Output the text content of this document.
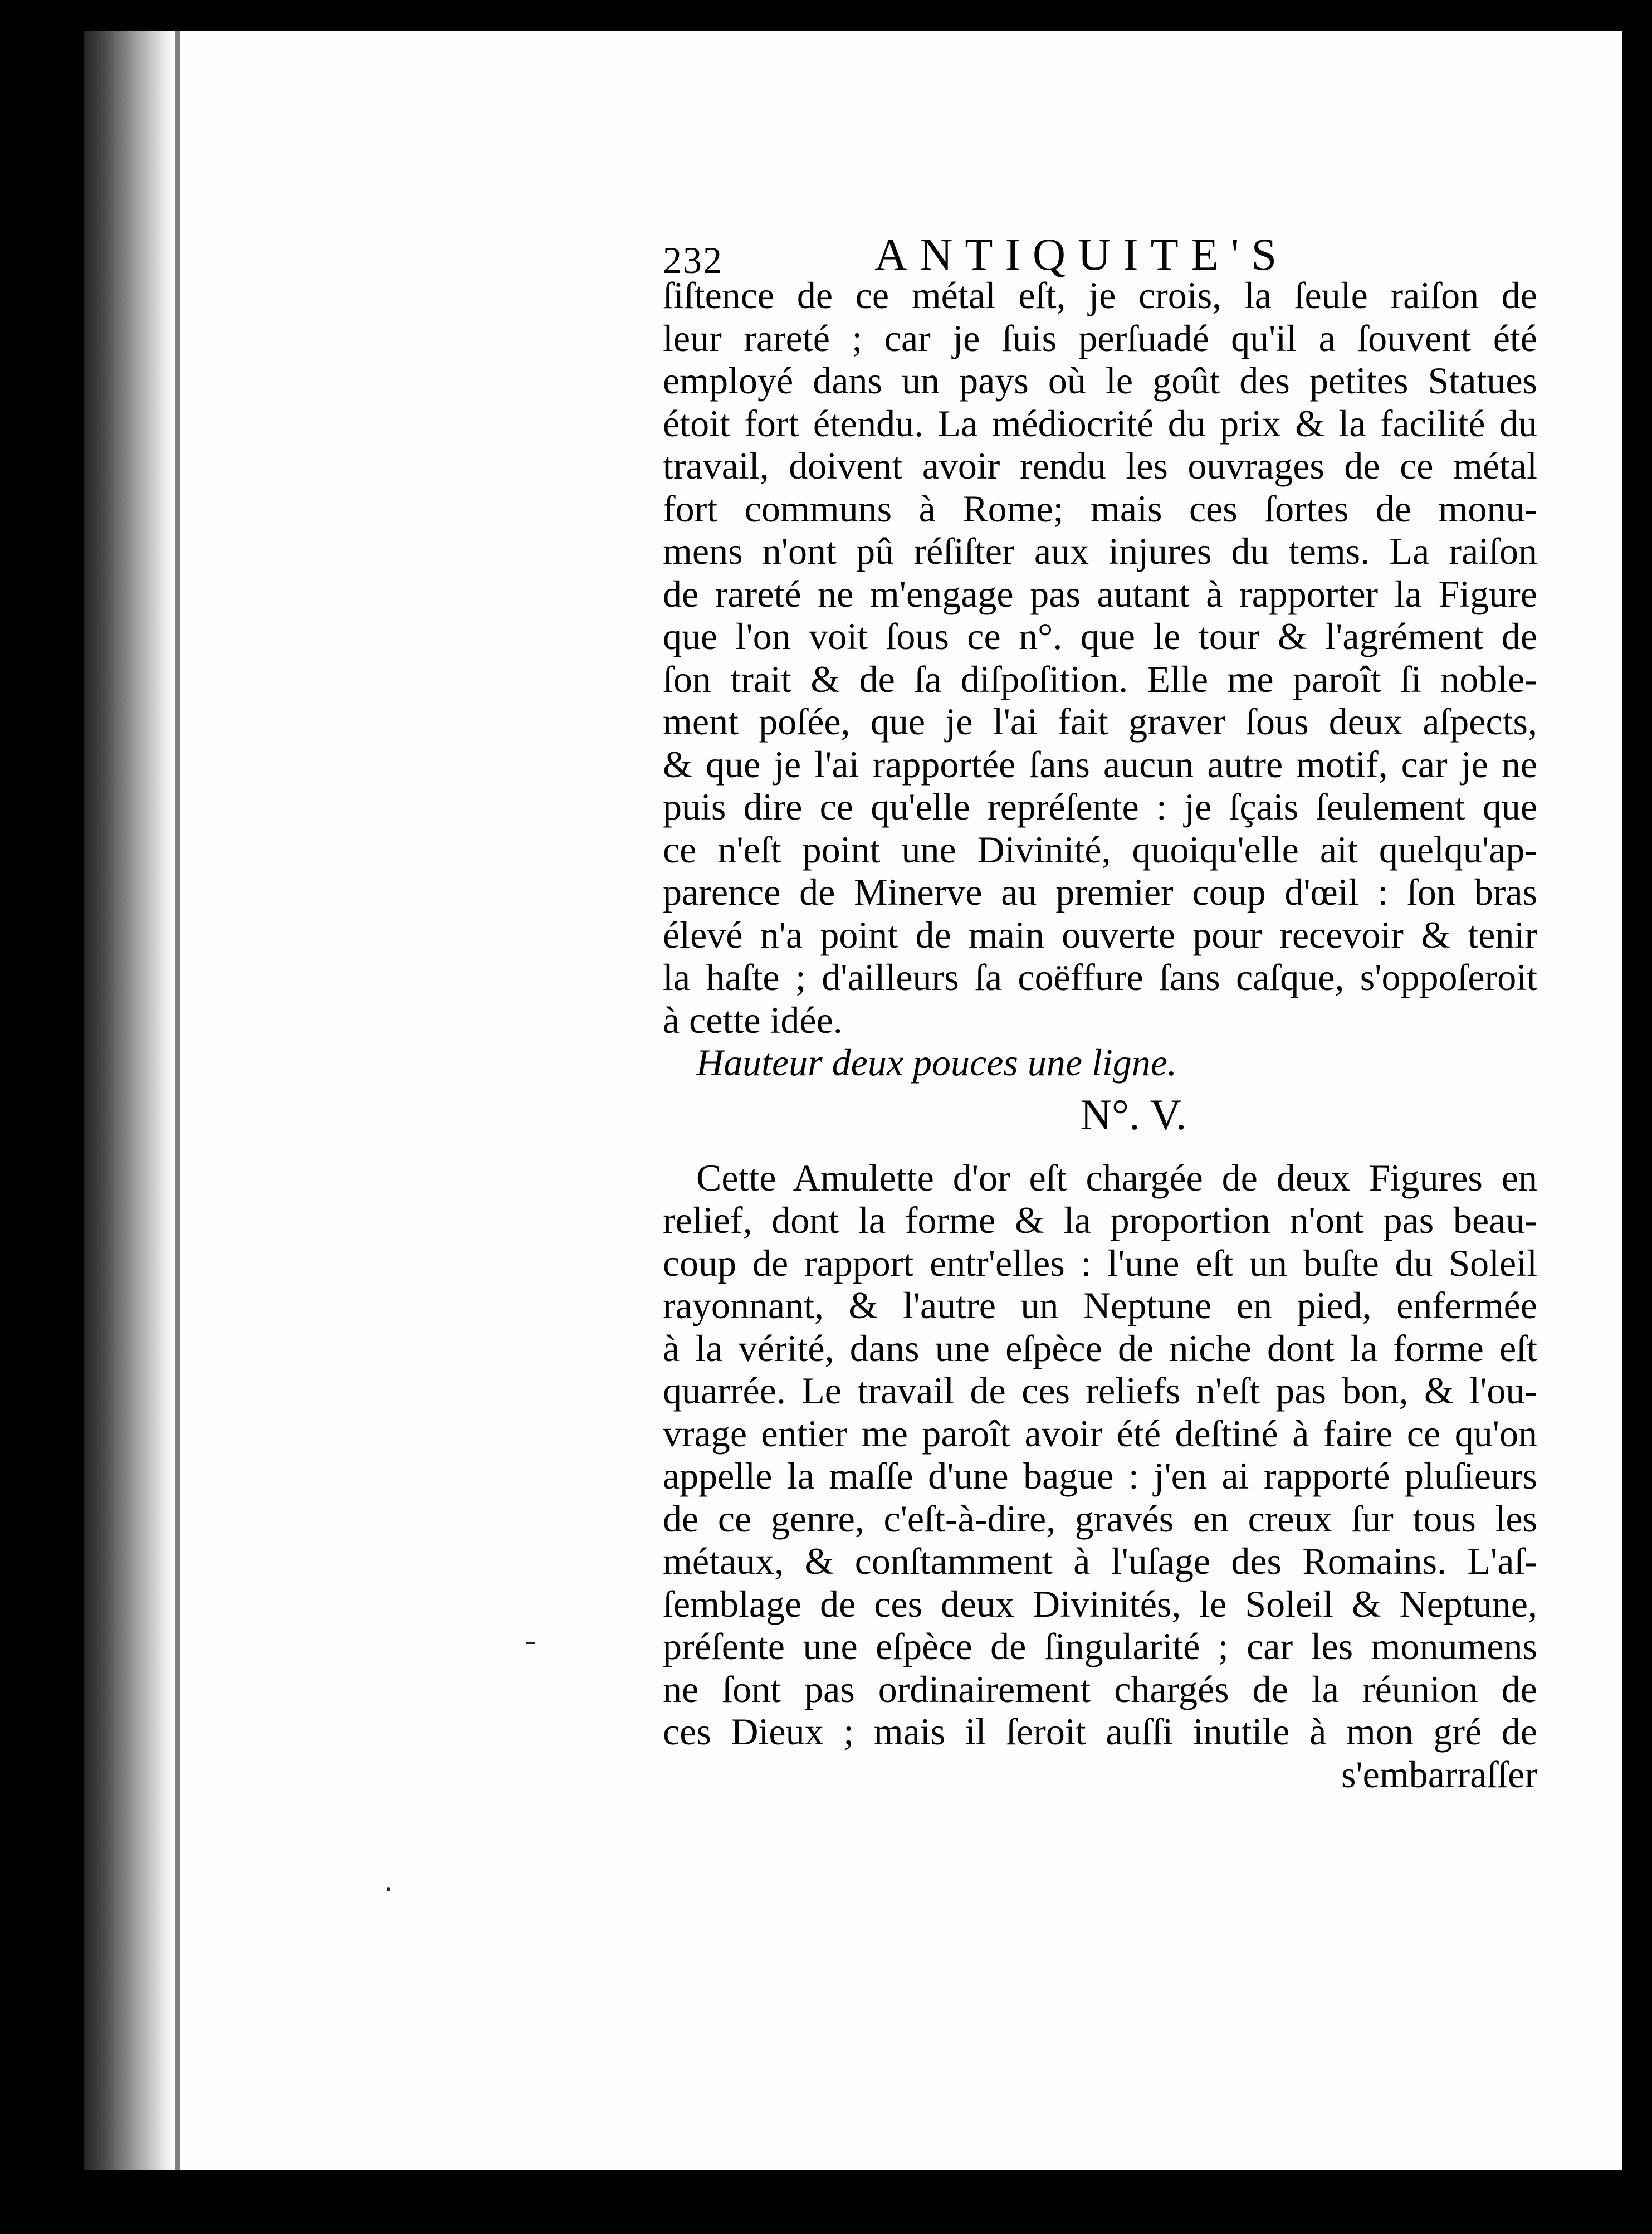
232	ANTIQUITE'S
ſiſtence de ce métal eſt, je crois, la ſeule raiſon de
leur rareté ; car je ſuis perſuadé qu'il a ſouvent été
employé dans un pays où le goût des petites Statues
étoit fort étendu. La médiocrité du prix & la facilité du
travail, doivent avoir rendu les ouvrages de ce métal
fort communs à Rome; mais ces ſortes de monu-
mens n'ont pû réſiſter aux injures du tems. La raiſon
de rareté ne m'engage pas autant à rapporter la Figure
que l'on voit ſous ce n°. que le tour & l'agrément de
ſon trait & de ſa diſpoſition. Elle me paroît ſi noble-
ment poſée, que je l'ai fait graver ſous deux aſpects,
& que je l'ai rapportée ſans aucun autre motif, car je ne
puis dire ce qu'elle repréſente : je ſçais ſeulement que
ce n'eſt point une Divinité, quoiqu'elle ait quelqu'ap-
parence de Minerve au premier coup d'œil : ſon bras
élevé n'a point de main ouverte pour recevoir & tenir
la haſte ; d'ailleurs ſa coëffure ſans caſque, s'oppoſeroit
à cette idée.
Hauteur deux pouces une ligne.
N°. V.
Cette Amulette d'or eſt chargée de deux Figures en
relief, dont la forme & la proportion n'ont pas beau-
coup de rapport entr'elles : l'une eſt un buſte du Soleil
rayonnant, & l'autre un Neptune en pied, enfermée
à la vérité, dans une eſpèce de niche dont la forme eſt
quarrée. Le travail de ces reliefs n'eſt pas bon, & l'ou-
vrage entier me paroît avoir été deſtiné à faire ce qu'on
appelle la maſſe d'une bague : j'en ai rapporté pluſieurs
de ce genre, c'eſt-à-dire, gravés en creux ſur tous les
métaux, & conſtamment à l'uſage des Romains. L'aſ-
ſemblage de ces deux Divinités, le Soleil & Neptune,
préſente une eſpèce de ſingularité ; car les monumens
ne ſont pas ordinairement chargés de la réunion de
ces Dieux ; mais il ſeroit auſſi inutile à mon gré de
s'embarraſſer
